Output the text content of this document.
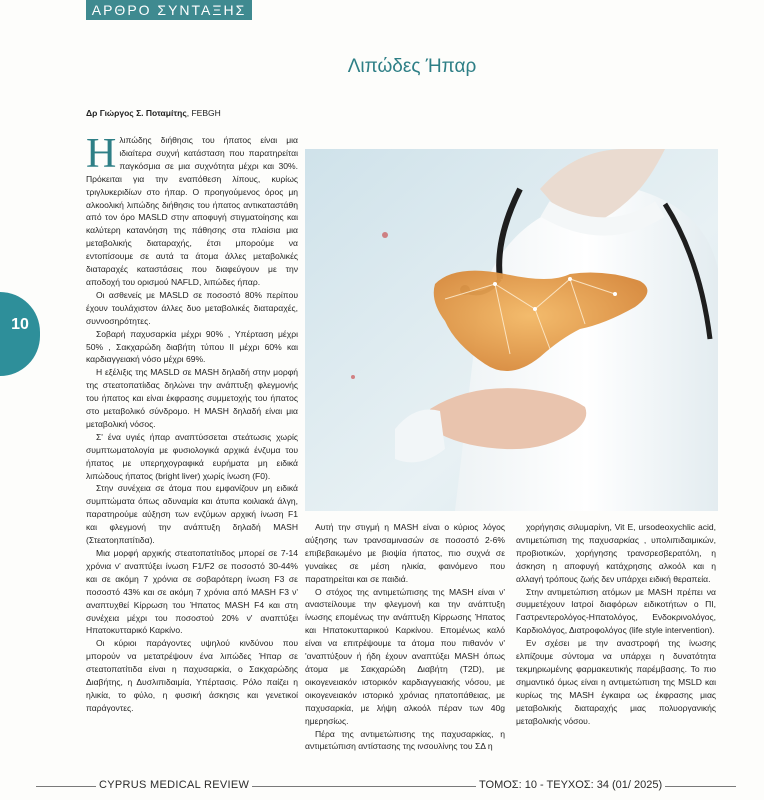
ΑΡΘΡΟ ΣΥΝΤΑΞΗΣ
Λιπώδες Ήπαρ
Δρ Γιώργος Σ. Ποταμίτης, FEBGH
10

Ηλιπώδης διήθησις του ήπατος είναι μια ιδιαίτερα συχνή κατάσταση που παρατηρείται παγκόσμια σε μια συχνότητα μέχρι και 30%. Πρόκειται για την εναπόθεση λίπους, κυρίως τριγλυκεριδίων στο ήπαρ. Ο προηγούμενος όρος μη αλκοολική λιπώδης διήθησις του ήπατος αντικαταστάθη από τον όρο MASLD στην αποφυγή στιγματοίησης και καλύτερη κατανόηση της πάθησης στα πλαίσια μια μεταβολικής διαταραχής, έτσι μπορούμε να εντοπίσουμε σε αυτά τα άτομα άλλες μεταβολικές διαταραχές καταστάσεις που διαφεύγουν με την αποδοχή του ορισμού NAFLD, λιπώδες ήπαρ.

Οι ασθενείς με MASLD σε ποσοστό 80% περίπου έχουν τουλάχιστον άλλες δυο μεταβολικές διαταραχές, συννοσηρότητες.

Σοβαρή παχυσαρκία μέχρι 90% , Υπέρταση μέχρι 50% , Σακχαρώδη διαβήτη τύπου ΙΙ μέχρι 60% και καρδιαγγειακή νόσο μέχρι 69%.

Η εξέλιξις της MASLD σε MASH δηλαδή στην μορφή της στεατοπατίιδας δηλώνει την ανάπτυξη φλεγμονής του ήπατος και είναι έκφρασης συμμετοχής του ήπατος στο μεταβολικό σύνδρομο. Η MASH δηλαδή είναι μια μεταβολική νόσος.

Σ' ένα υγιές ήπαρ αναπτύσσεται στεάτωσις χωρίς συμπτωματολογία με φυσιολογικά αρχικά ένζυμα του ήπατος με υπερηχογραφικά ευρήματα μη ειδικά λιπώδους ήπατος (bright liver) χωρίς ίνωση (F0).

Στην συνέχεια σε άτομα που εμφανίζουν μη ειδικά συμπτώματα όπως αδυναμία και άτυπα κοιλιακά άλγη, παρατηρούμε αύξηση των ενζύμων αρχική ίνωση F1 και φλεγμονή την ανάπτυξη δηλαδή MASH (Στεατοηπατίτιδα).

Μια μορφή αρχικής στεατοπατίτιδος μπορεί σε 7-14 χρόνια ν' αναπτύξει ίνωση F1/F2 σε ποσοστό 30-44% και σε ακόμη 7 χρόνια σε σοβαρότερη ίνωση F3 σε ποσοστό 43% και σε ακόμη 7 χρόνια από MASH F3 ν' αναπτυχθεί Κίρρωση του Ήπατος MASH F4 και στη συνέχεια μέχρι του ποσοστού 20% ν' αναπτύξει Ηπατοκυτταρικό Καρκίνο.

Οι κύριοι παράγοντες υψηλού κινδύνου που μπορούν να μετατρέψουν ένα λιπώδες Ήπαρ σε στεατοπατίτιδα είναι η παχυσαρκία, ο Σακχαρώδης Διαβήτης, η Δυσλιπιδαιμία, Υπέρτασις. Ρόλο παίζει η ηλικία, το φύλο, η φυσική άσκησις και γενετικοί παράγοντες.

Αυτή την στιγμή η MASH είναι ο κύριος λόγος αύξησης των τρανσαμινασών σε ποσοστό 2-6% επιβεβαιωμένο με βιοψία ήπατος, πιο συχνά σε γυναίκες σε μέση ηλικία, φαινόμενο που παρατηρείται και σε παιδιά.

Ο στόχος της αντιμετώπισης της MASH είναι ν' αναστείλουμε την φλεγμονή και την ανάπτυξη ίνωσης επομένως την ανάπτυξη Κίρρωσης Ήπατος και Ηπατοκυτταρικού Καρκίνου. Επομένως καλό είναι να επιτρέψουμε τα άτομα που πιθανόν ν' 'αναπτύξουν ή ήδη έχουν αναπτύξει MASH όπως άτομα με Σακχαρώδη Διαβήτη (T2D), με οικογενειακόν ιστορικόν καρδιαγγειακής νόσου, με οικογενειακόν ιστορικό χρόνιας ηπατοπάθειας, με παχυσαρκία, με λήψη αλκοόλ πέραν των 40g ημερησίως.

Πέρα της αντιμετώπισης της παχυσαρκίας, η αντιμετώπιση αντίστασης της ινσουλίνης του ΣΔ η

χορήγησις σιλυμαρίνη, Vit E, ursodeoxychlic acid, αντιμετώπιση της παχυσαρκίας , υπολιπιδαιμικών, προβιοτικών, χορήγησης τρανσρεσβερατόλη, η άσκηση η αποφυγή κατάχρησης αλκοόλ και η αλλαγή τρόπους ζωής δεν υπάρχει ειδική θεραπεία.

Στην αντιμετώπιση ατόμων με MASH πρέπει να συμμετέχουν Ιατροί διαφόρων ειδικοτήτων ο ΠΙ, Γαστρεντερολόγος-Ηπατολόγος, Ενδοκρινολόγος, Καρδιολόγος, Διατροφολόγος (life style intervention).

Εν σχέσει με την αναστροφή της ίνωσης ελπίζουμε σύντομα να υπάρχει η δυνατότητα τεκμηριωμένης φαρμακευτικής παρέμβασης. Το πιο σημαντικό όμως είναι η αντιμετώπιση της MSLD και κυρίως της MASH έγκαιρα ως έκφρασης μιας μεταβολικής διαταραχής μιας πολυοργανικής μεταβολικής νόσου.

CYPRUS MEDICAL REVIEW	ΤΟΜΟΣ: 10 - ΤΕΥΧΟΣ: 34 (01/ 2025)
